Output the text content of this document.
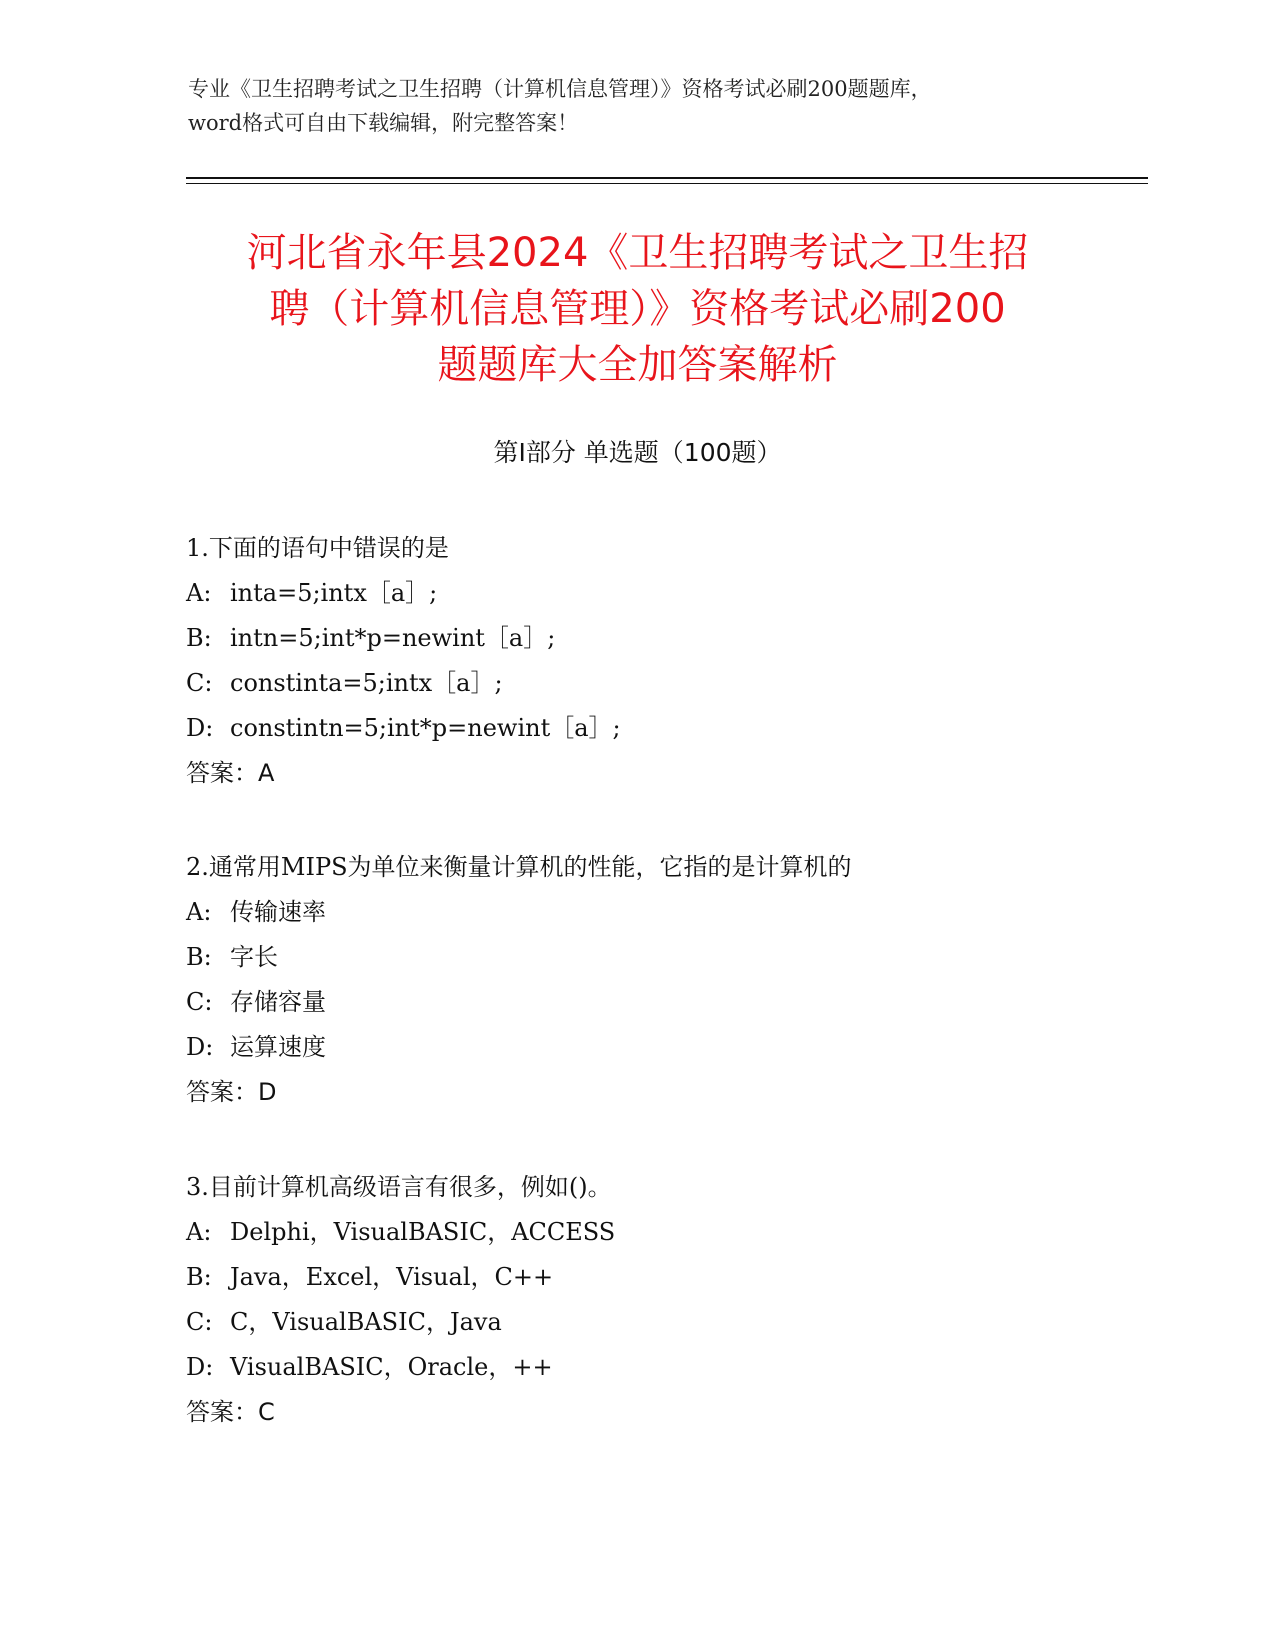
专业《卫生招聘考试之卫生招聘（计算机信息管理）》资格考试必刷200题题库，
word格式可自由下载编辑，附完整答案！
河北省永年县2024《卫生招聘考试之卫生招
聘（计算机信息管理）》资格考试必刷200
题题库大全加答案解析
第I部分 单选题（100题）
1.下面的语句中错误的是
A: inta=5;intx［a］;
B: intn=5;int*p=newint［a］;
C: constinta=5;intx［a］;
D: constintn=5;int*p=newint［a］;
答案：A
2.通常用MIPS为单位来衡量计算机的性能，它指的是计算机的
A: 传输速率
B: 字长
C: 存储容量
D: 运算速度
答案：D
3.目前计算机高级语言有很多，例如()。
A: Delphi，VisualBASIC，ACCESS
B: Java，Excel，Visual，C++
C: C，VisualBASIC，Java
D: VisualBASIC，Oracle，++
答案：C
